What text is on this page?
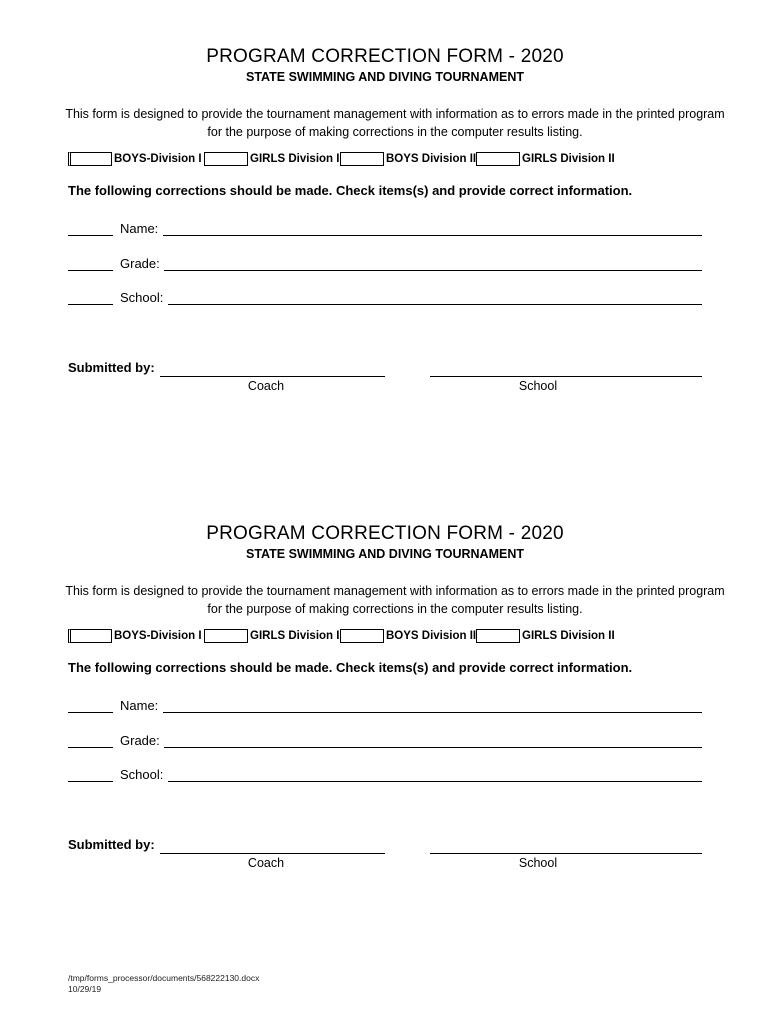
PROGRAM CORRECTION FORM - 2020
STATE SWIMMING AND DIVING TOURNAMENT
This form is designed to provide the tournament management with information as to errors made in the printed program
for the purpose of making corrections in the computer results listing.
BOYS-Division I	GIRLS Division I	BOYS Division II	GIRLS Division II
The following corrections should be made. Check items(s) and provide correct information.
Name:
Grade:
School:
Submitted by:
Coach	School
PROGRAM CORRECTION FORM - 2020
STATE SWIMMING AND DIVING TOURNAMENT
This form is designed to provide the tournament management with information as to errors made in the printed program
for the purpose of making corrections in the computer results listing.
BOYS-Division I	GIRLS Division I	BOYS Division II	GIRLS Division II
The following corrections should be made. Check items(s) and provide correct information.
Name:
Grade:
School:
Submitted by:
Coach	School
/tmp/forms_processor/documents/568222130.docx
10/29/19
